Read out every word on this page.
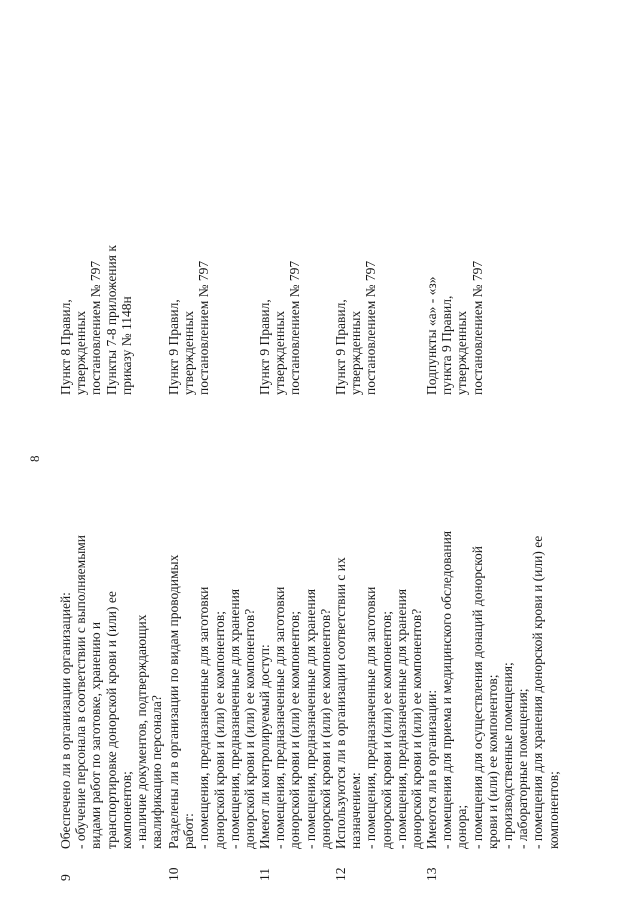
8
9
Обеспечено ли в организации организацией: - обучение персонала в соответствии с выполняемыми видами работ по заготовке, хранению и транспортировке донорской крови и (или) ее компонентов; - наличие документов, подтверждающих квалификацию персонала?
Пункт 8 Правил, утвержденных постановлением № 797 Пункты 7-8 приложения к приказу № 1148н
10
Разделены ли в организации по видам проводимых работ: - помещения, предназначенные для заготовки донорской крови и (или) ее компонентов; - помещения, предназначенные для хранения донорской крови и (или) ее компонентов?
Пункт 9 Правил, утвержденных постановлением № 797
11
Имеют ли контролируемый доступ: - помещения, предназначенные для заготовки донорской крови и (или) ее компонентов; - помещения, предназначенные для хранения донорской крови и (или) ее компонентов?
Пункт 9 Правил, утвержденных постановлением № 797
12
Используются ли в организации соответствии с их назначением: - помещения, предназначенные для заготовки донорской крови и (или) ее компонентов; - помещения, предназначенные для хранения донорской крови и (или) ее компонентов?
Пункт 9 Правил, утвержденных постановлением № 797
13
Имеются ли в организации: - помещения для приема и медицинского обследования донора; - помещения для осуществления донаций донорской крови и (или) ее компонентов; - производственные помещения; - лабораторные помещения; - помещения для хранения донорской крови и (или) ее компонентов;
Подпункты «а» - «з» пункта 9 Правил, утвержденных постановлением № 797
